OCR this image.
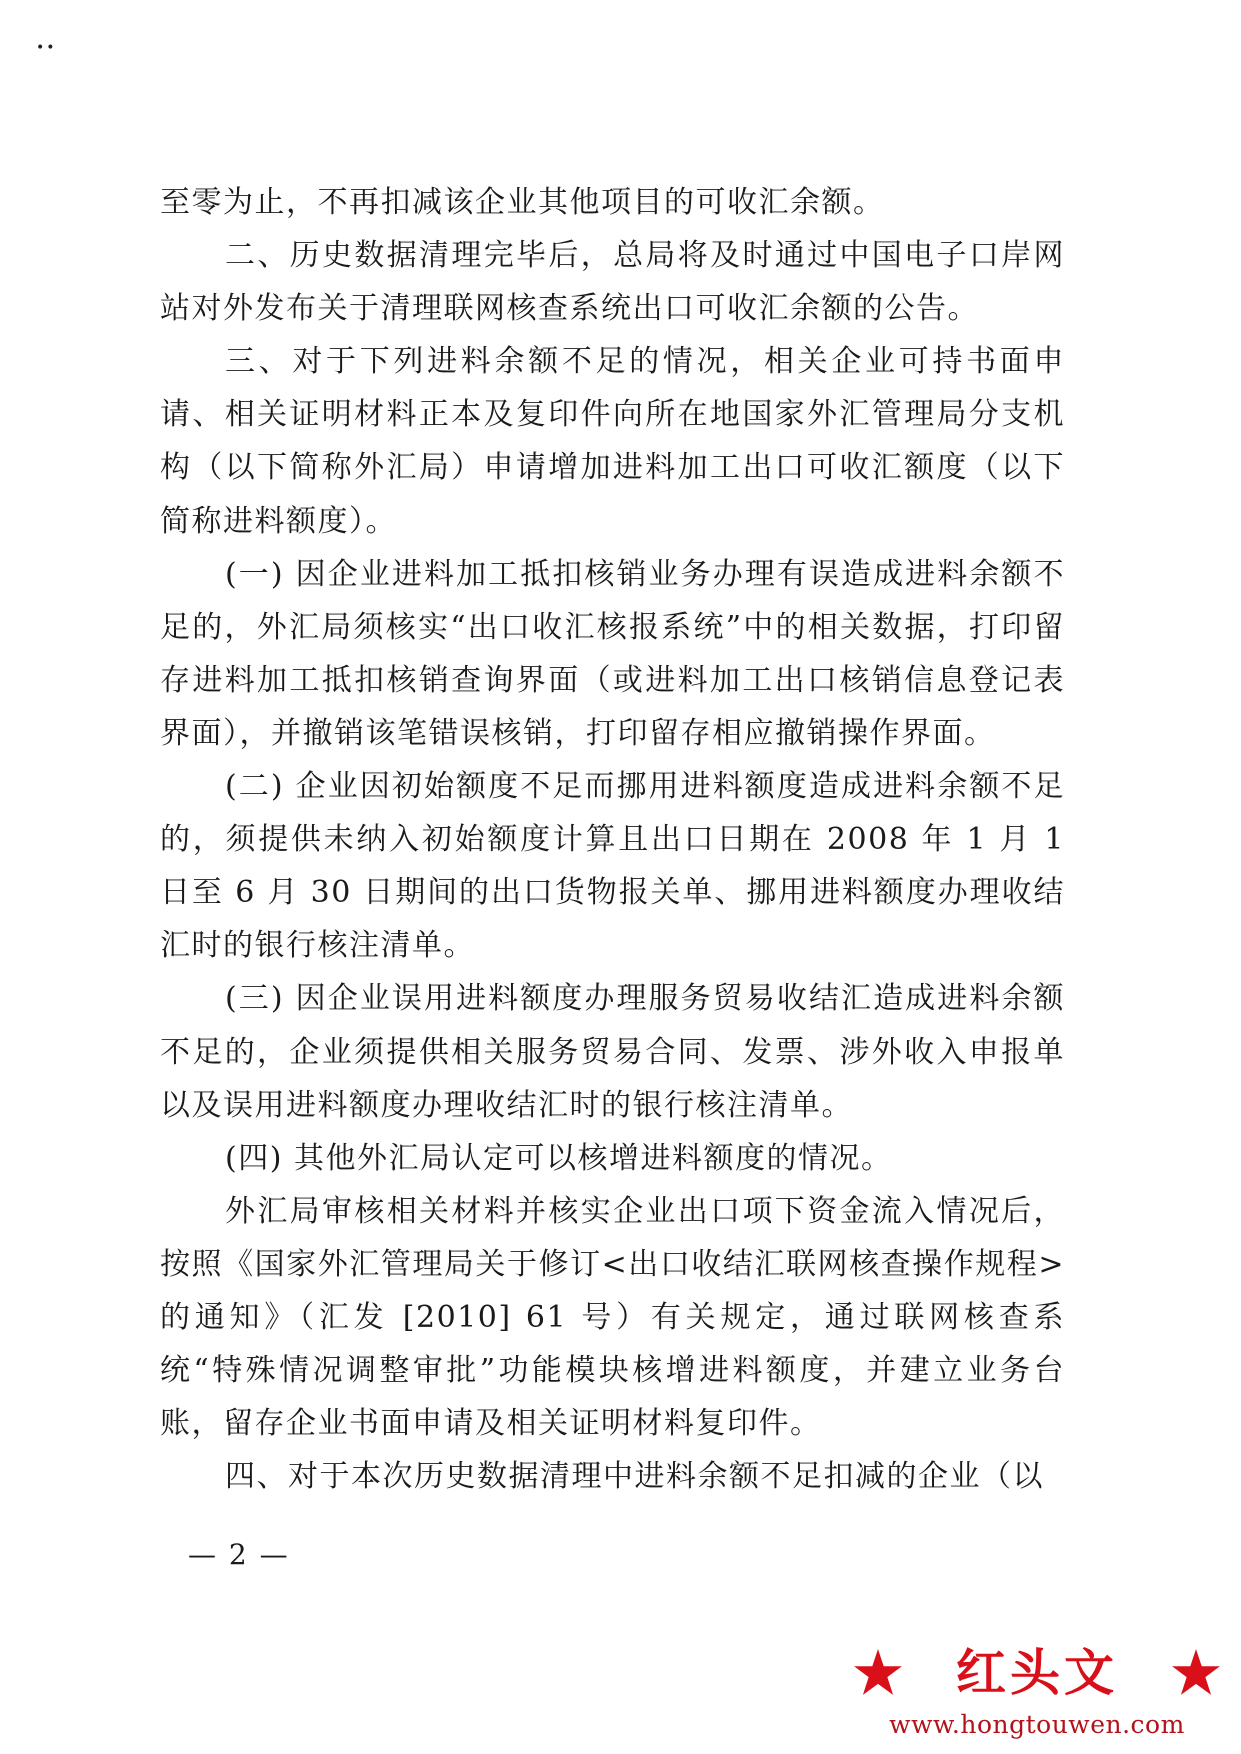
••

至零为止，不再扣减该企业其他项目的可收汇余额。

二、历史数据清理完毕后，总局将及时通过中国电子口岸网站对外发布关于清理联网核查系统出口可收汇余额的公告。

三、对于下列进料余额不足的情况，相关企业可持书面申请、相关证明材料正本及复印件向所在地国家外汇管理局分支机构（以下简称外汇局）申请增加进料加工出口可收汇额度（以下简称进料额度）。

(一) 因企业进料加工抵扣核销业务办理有误造成进料余额不足的，外汇局须核实“出口收汇核报系统”中的相关数据，打印留存进料加工抵扣核销查询界面（或进料加工出口核销信息登记表界面），并撤销该笔错误核销，打印留存相应撤销操作界面。

(二) 企业因初始额度不足而挪用进料额度造成进料余额不足的，须提供未纳入初始额度计算且出口日期在 2008 年 1 月 1 日至 6 月 30 日期间的出口货物报关单、挪用进料额度办理收结汇时的银行核注清单。

(三) 因企业误用进料额度办理服务贸易收结汇造成进料余额不足的，企业须提供相关服务贸易合同、发票、涉外收入申报单以及误用进料额度办理收结汇时的银行核注清单。

(四) 其他外汇局认定可以核增进料额度的情况。

外汇局审核相关材料并核实企业出口项下资金流入情况后，按照《国家外汇管理局关于修订<出口收结汇联网核查操作规程>的通知》（汇发 [2010] 61 号）有关规定，通过联网核查系统“特殊情况调整审批”功能模块核增进料额度，并建立业务台账，留存企业书面申请及相关证明材料复印件。

四、对于本次历史数据清理中进料余额不足扣减的企业（以

— 2 —
红头文
www.hongtouwen.com
